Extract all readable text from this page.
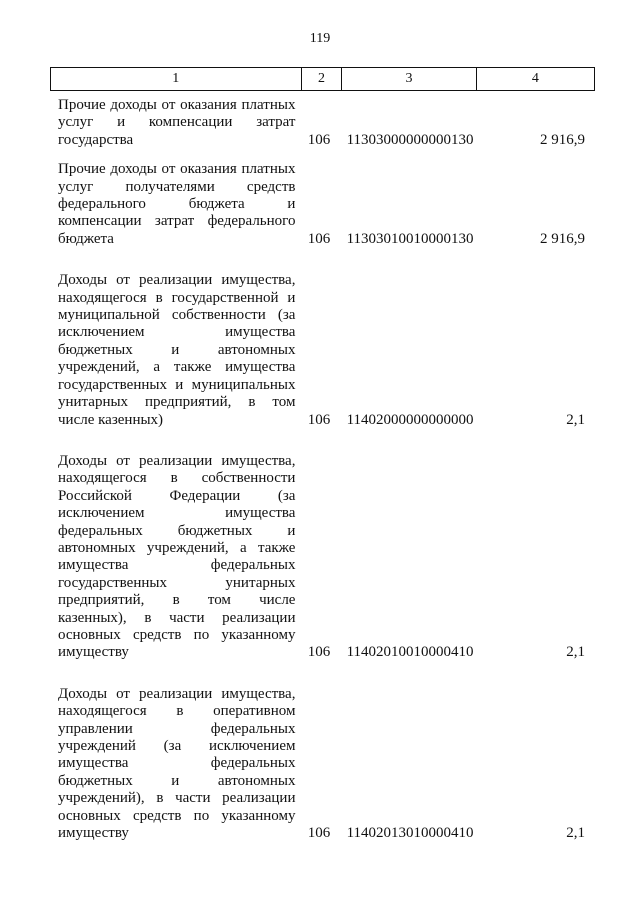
119
1	2	3	4
Прочие доходы от оказания платных
услуг и компенсации затрат
государства	106	11303000000000130	2 916,9
Прочие доходы от оказания платных
услуг получателями средств
федерального бюджета и
компенсации затрат федерального
бюджета	106	11303010010000130	2 916,9
Доходы от реализации имущества,
находящегося в государственной и
муниципальной собственности (за
исключением имущества
бюджетных и автономных
учреждений, а также имущества
государственных и муниципальных
унитарных предприятий, в том
числе казенных)	106	11402000000000000	2,1
Доходы от реализации имущества,
находящегося в собственности
Российской Федерации (за
исключением имущества
федеральных бюджетных и
автономных учреждений, а также
имущества федеральных
государственных унитарных
предприятий, в том числе
казенных), в части реализации
основных средств по указанному
имуществу	106	11402010010000410	2,1
Доходы от реализации имущества,
находящегося в оперативном
управлении федеральных
учреждений (за исключением
имущества федеральных
бюджетных и автономных
учреждений), в части реализации
основных средств по указанному
имуществу	106	11402013010000410	2,1
